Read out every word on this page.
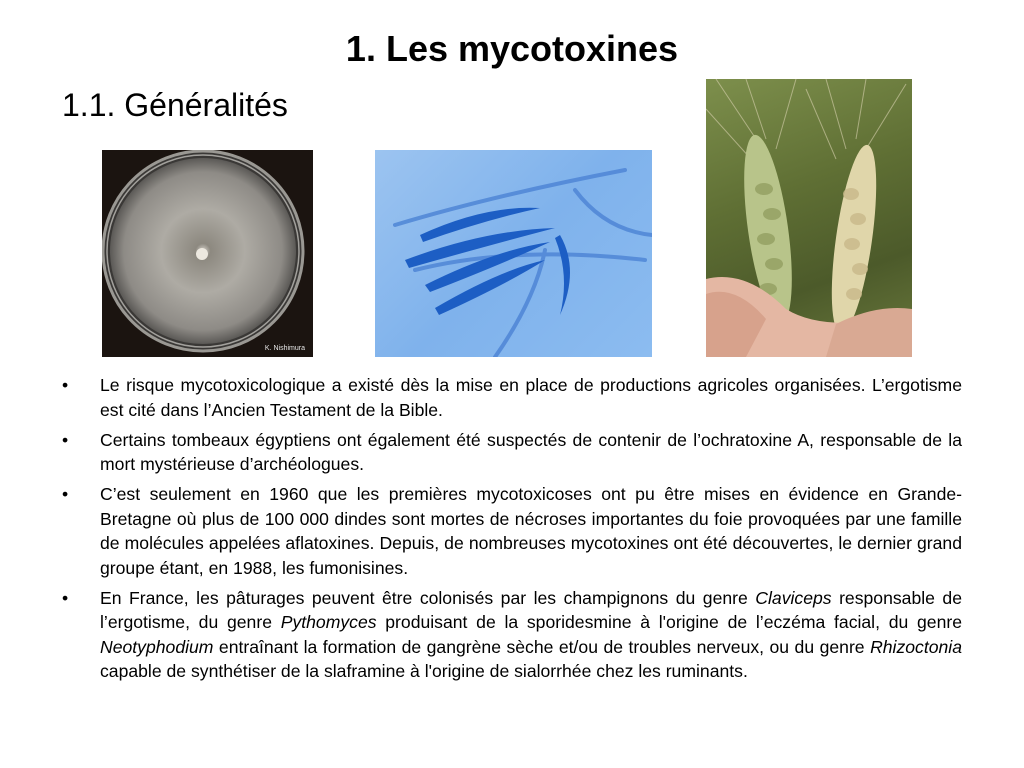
1. Les mycotoxines
1.1. Généralités
K. Nishimura
• Le risque mycotoxicologique a existé dès la mise en place de productions agricoles organisées. L’ergotisme est cité dans l’Ancien Testament de la Bible.
• Certains tombeaux égyptiens ont également été suspectés de contenir de l’ochratoxine A, responsable de la mort mystérieuse d’archéologues.
• C’est seulement en 1960 que les premières mycotoxicoses ont pu être mises en évidence en Grande-Bretagne où plus de 100 000 dindes sont mortes de nécroses importantes du foie provoquées par une famille de molécules appelées aflatoxines. Depuis, de nombreuses mycotoxines ont été découvertes, le dernier grand groupe étant, en 1988, les fumonisines.
• En France, les pâturages peuvent être colonisés par les champignons du genre Claviceps responsable de l’ergotisme, du genre Pythomyces produisant de la sporidesmine à l'origine de l’eczéma facial, du genre Neotyphodium entraînant la formation de gangrène sèche et/ou de troubles nerveux, ou du genre Rhizoctonia capable de synthétiser de la slaframine à l'origine de sialorrhée chez les ruminants.
